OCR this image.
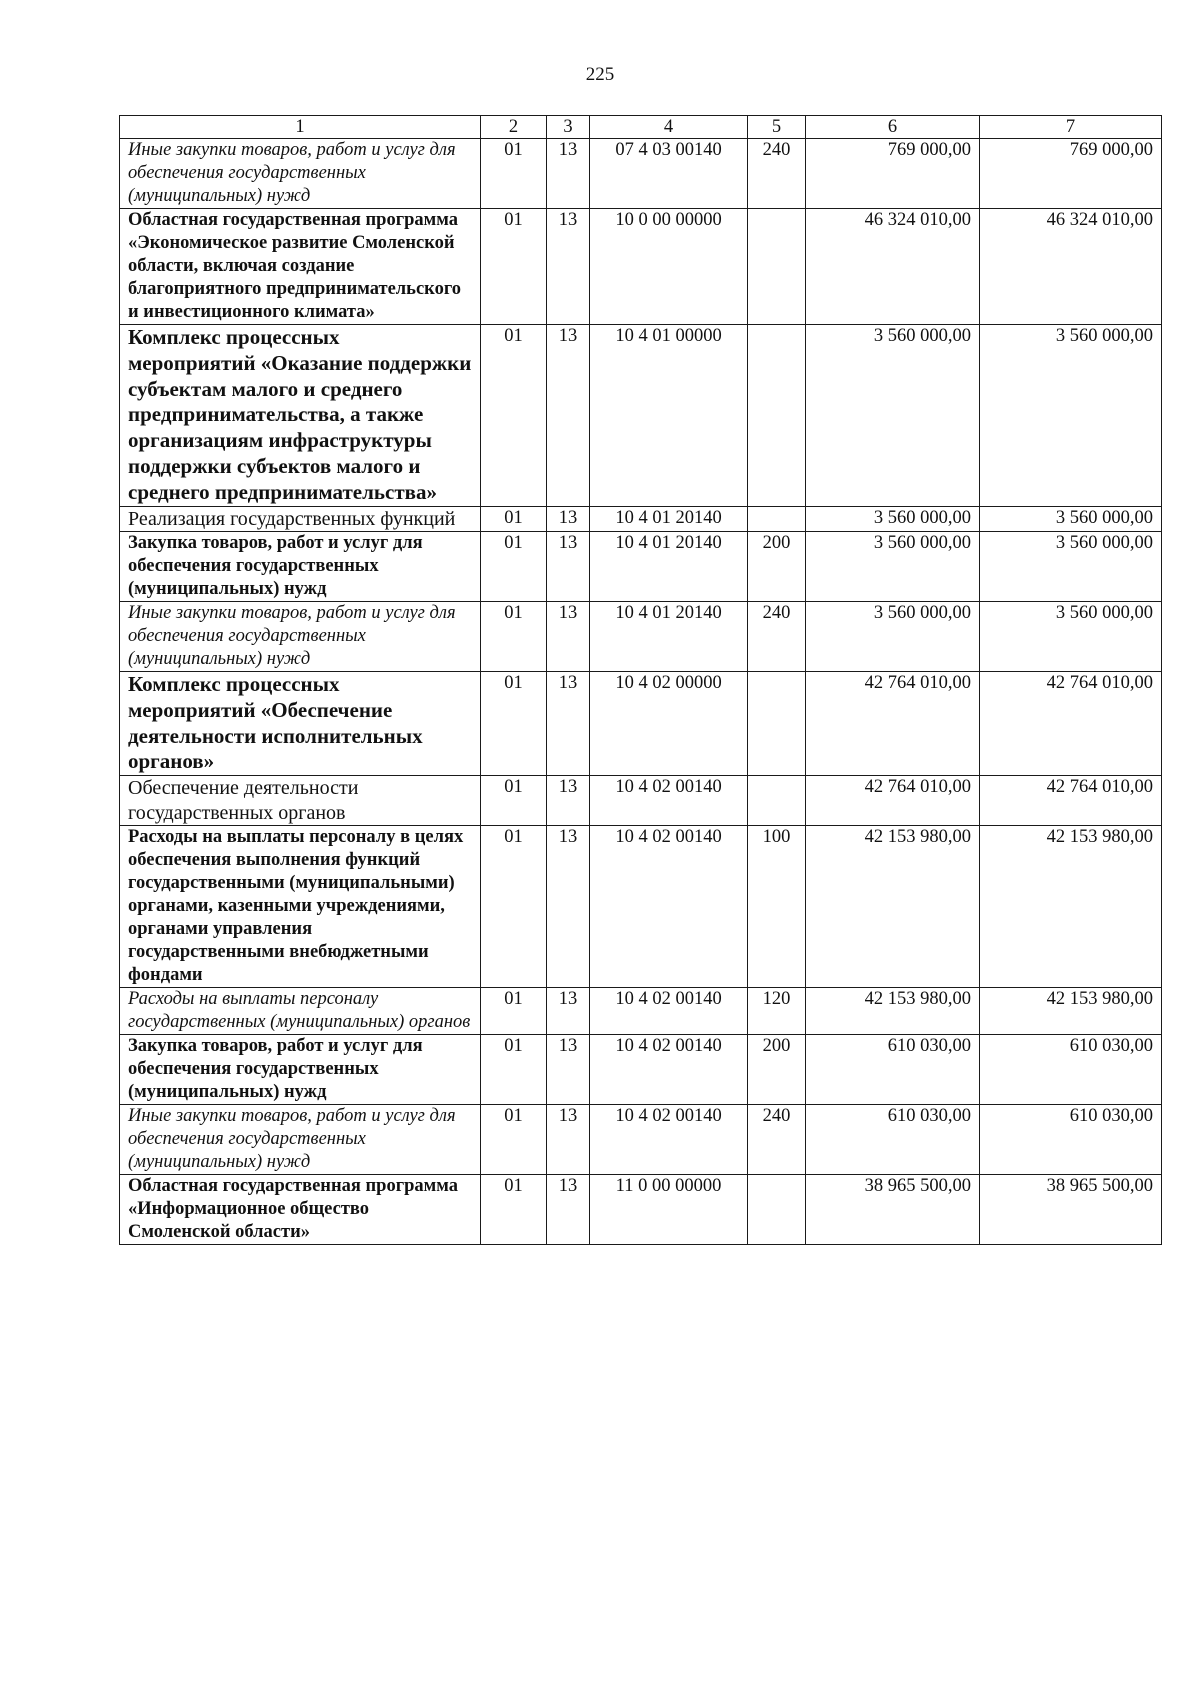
225
1	2	3	4	5	6	7
Иные закупки товаров, работ и услуг для обеспечения государственных (муниципальных) нужд	01	13	07 4 03 00140	240	769 000,00	769 000,00
Областная государственная программа «Экономическое развитие Смоленской области, включая создание благоприятного предпринимательского и инвестиционного климата»	01	13	10 0 00 00000		46 324 010,00	46 324 010,00
Комплекс процессных мероприятий «Оказание поддержки субъектам малого и среднего предпринимательства, а также организациям инфраструктуры поддержки субъектов малого и среднего предпринимательства»	01	13	10 4 01 00000		3 560 000,00	3 560 000,00
Реализация государственных функций	01	13	10 4 01 20140		3 560 000,00	3 560 000,00
Закупка товаров, работ и услуг для обеспечения государственных (муниципальных) нужд	01	13	10 4 01 20140	200	3 560 000,00	3 560 000,00
Иные закупки товаров, работ и услуг для обеспечения государственных (муниципальных) нужд	01	13	10 4 01 20140	240	3 560 000,00	3 560 000,00
Комплекс процессных мероприятий «Обеспечение деятельности исполнительных органов»	01	13	10 4 02 00000		42 764 010,00	42 764 010,00
Обеспечение деятельности государственных органов	01	13	10 4 02 00140		42 764 010,00	42 764 010,00
Расходы на выплаты персоналу в целях обеспечения выполнения функций государственными (муниципальными) органами, казенными учреждениями, органами управления государственными внебюджетными фондами	01	13	10 4 02 00140	100	42 153 980,00	42 153 980,00
Расходы на выплаты персоналу государственных (муниципальных) органов	01	13	10 4 02 00140	120	42 153 980,00	42 153 980,00
Закупка товаров, работ и услуг для обеспечения государственных (муниципальных) нужд	01	13	10 4 02 00140	200	610 030,00	610 030,00
Иные закупки товаров, работ и услуг для обеспечения государственных (муниципальных) нужд	01	13	10 4 02 00140	240	610 030,00	610 030,00
Областная государственная программа «Информационное общество Смоленской области»	01	13	11 0 00 00000		38 965 500,00	38 965 500,00
